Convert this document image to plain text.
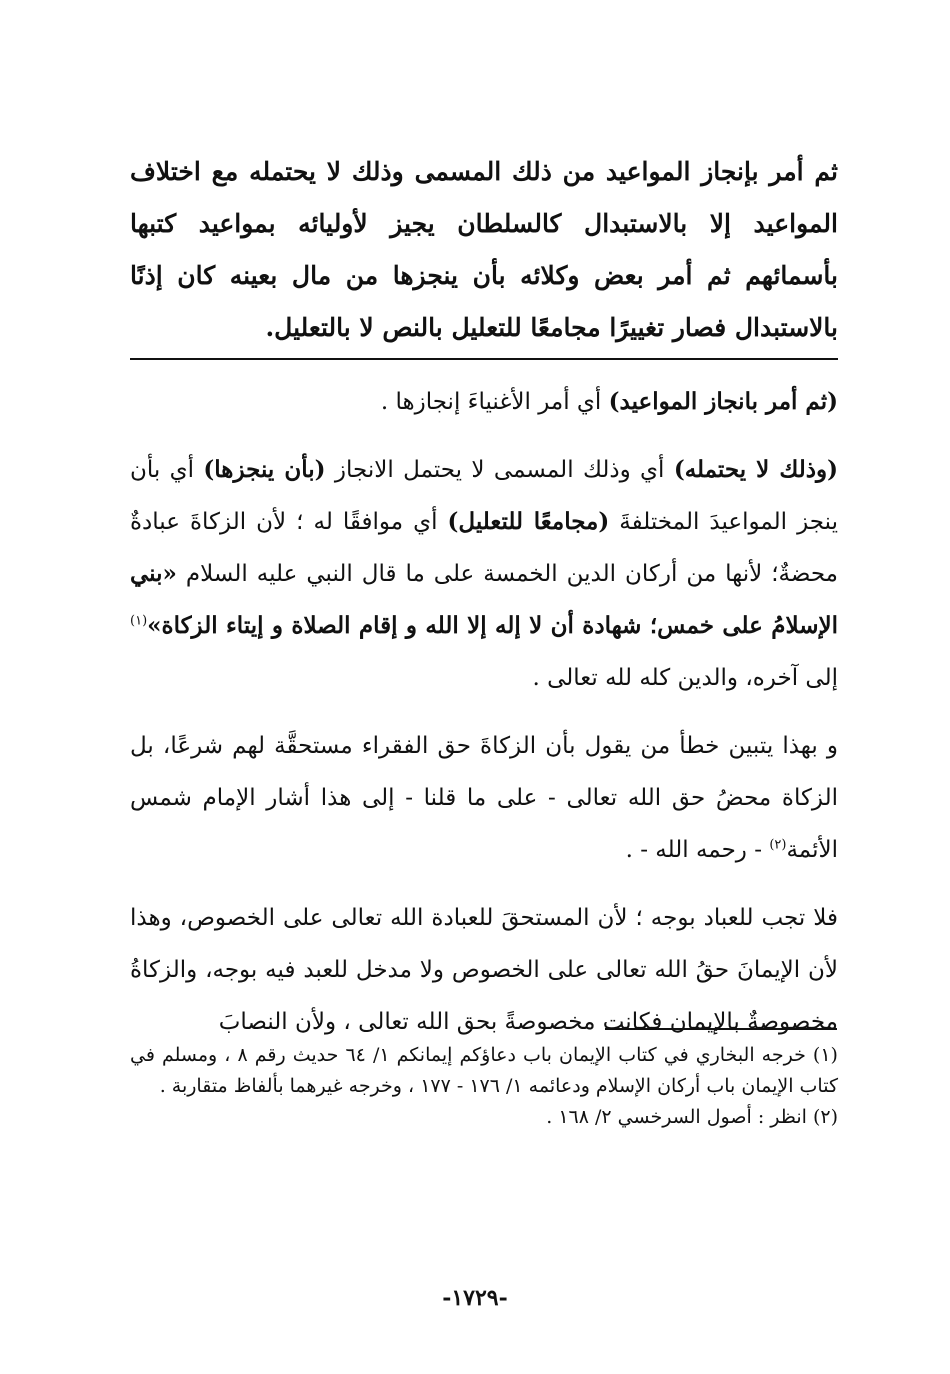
ثم أمر بإنجاز المواعيد من ذلك المسمى وذلك لا يحتمله مع اختلاف المواعيد إلا بالاستبدال كالسلطان يجيز لأوليائه بمواعيد كتبها بأسمائهم ثم أمر بعض وكلائه بأن ينجزها من مال بعينه كان إذنًا بالاستبدال فصار تغييرًا مجامعًا للتعليل بالنص لا بالتعليل.

(ثم أمر بانجاز المواعيد) أي أمر الأغنياءَ إنجازها .

(وذلك لا يحتمله) أي وذلك المسمى لا يحتمل الانجاز (بأن ينجزها) أي بأن ينجز المواعيدَ المختلفةَ (مجامعًا للتعليل) أي موافقًا له ؛ لأن الزكاةَ عبادةٌ محضةٌ؛ لأنها من أركان الدين الخمسة على ما قال النبي عليه السلام «بني الإسلامُ على خمس؛ شهادة أن لا إله إلا الله و إقام الصلاة و إيتاء الزكاة»$^{(١)}$ إلى آخره، والدين كله لله تعالى .

و بهذا يتبين خطأ من يقول بأن الزكاةَ حق الفقراء مستحقَّة لهم شرعًا، بل الزكاة محضُ حق الله تعالى - على ما قلنا - إلى هذا أشار الإمام شمس الأئمة$^{(٢)}$ - رحمه الله - .

فلا تجب للعباد بوجه ؛ لأن المستحقَ للعبادة الله تعالى على الخصوص، وهذا لأن الإيمانَ حقُ الله تعالى على الخصوص ولا مدخل للعبد فيه بوجه، والزكاةُ مخصوصةٌ بالإيمان فكانت مخصوصةً بحق الله تعالى ، ولأن النصابَ

(١) خرجه البخاري في كتاب الإيمان باب دعاؤكم إيمانكم ١/ ٦٤ حديث رقم ٨ ، ومسلم في كتاب الإيمان باب أركان الإسلام ودعائمه ١/ ١٧٦ - ١٧٧ ، وخرجه غيرهما بألفاظ متقاربة .

(٢) انظر : أصول السرخسي ٢/ ١٦٨ .

-١٧٢٩-
